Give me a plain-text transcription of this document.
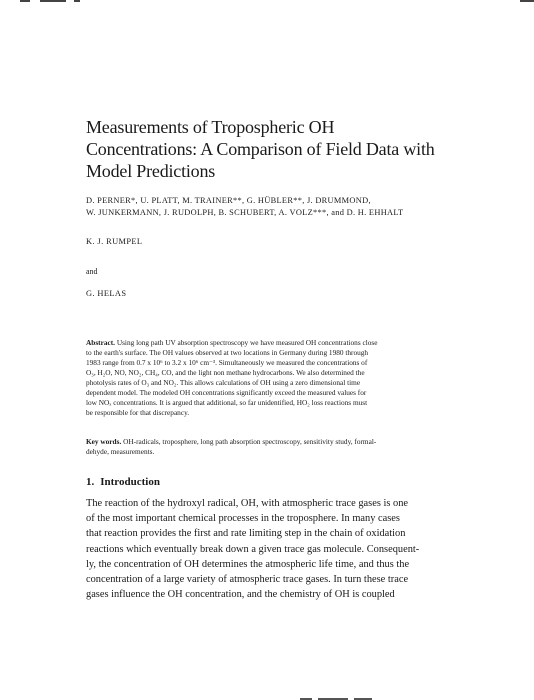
Measurements of Tropospheric OH
Concentrations: A Comparison of Field Data with
Model Predictions
D. PERNER*, U. PLATT, M. TRAINER**, G. HÜBLER**, J. DRUMMOND,
W. JUNKERMANN, J. RUDOLPH, B. SCHUBERT, A. VOLZ***, and D. H. EHHALT
K. J. RUMPEL
and
G. HELAS
Abstract. Using long path UV absorption spectroscopy we have measured OH concentrations close
to the earth's surface. The OH values observed at two locations in Germany during 1980 through
1983 range from 0.7 x 10⁶ to 3.2 x 10⁶ cm⁻³. Simultaneously we measured the concentrations of
O₃, H₂O, NO, NO₂, CH₄, CO, and the light non methane hydrocarbons. We also determined the
photolysis rates of O₃ and NO₂. This allows calculations of OH using a zero dimensional time
dependent model. The modeled OH concentrations significantly exceed the measured values for
low NOₓ concentrations. It is argued that additional, so far unidentified, HO₂ loss reactions must
be responsible for that discrepancy.
Key words. OH-radicals, troposphere, long path absorption spectroscopy, sensitivity study, formal-
dehyde, measurements.
1. Introduction
The reaction of the hydroxyl radical, OH, with atmospheric trace gases is one
of the most important chemical processes in the troposphere. In many cases
that reaction provides the first and rate limiting step in the chain of oxidation
reactions which eventually break down a given trace gas molecule. Consequent-
ly, the concentration of OH determines the atmospheric life time, and thus the
concentration of a large variety of atmospheric trace gases. In turn these trace
gases influence the OH concentration, and the chemistry of OH is coupled
